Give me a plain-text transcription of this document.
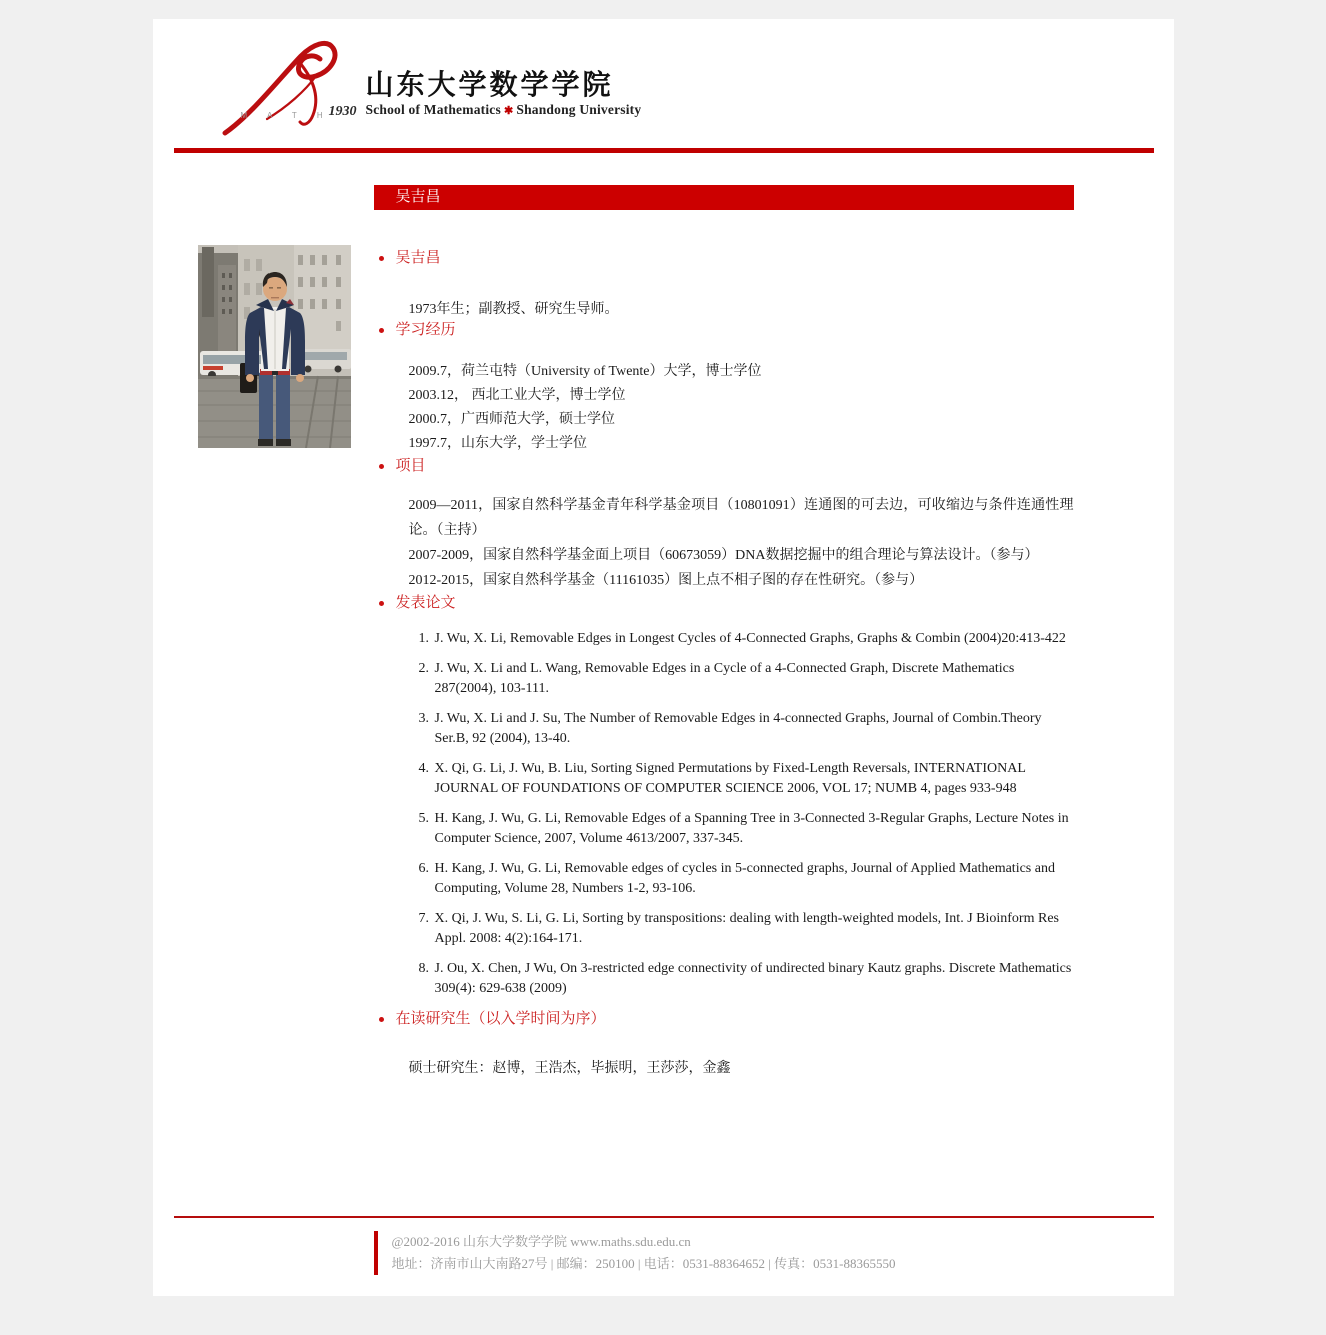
M A T H
1930
山东大学数学学院
School of Mathematics ✱ Shandong University
吴吉昌
吴吉昌

1973年生；副教授、研究生导师。

学习经历
2009.7，荷兰屯特（University of Twente）大学，博士学位
2003.12， 西北工业大学，博士学位
2000.7，广西师范大学，硕士学位
1997.7，山东大学，学士学位
项目
2009—2011，国家自然科学基金青年科学基金项目（10801091）连通图的可去边，可收缩边与条件连通性理论。（主持）
2007-2009，国家自然科学基金面上项目（60673059）DNA数据挖掘中的组合理论与算法设计。（参与）
2012-2015，国家自然科学基金（11161035）图上点不相子图的存在性研究。（参与）
发表论文
1. J. Wu, X. Li, Removable Edges in Longest Cycles of 4-Connected Graphs, Graphs & Combin (2004)20:413-422
2. J. Wu, X. Li and L. Wang, Removable Edges in a Cycle of a 4-Connected Graph, Discrete Mathematics 287(2004), 103-111.
3. J. Wu, X. Li and J. Su, The Number of Removable Edges in 4-connected Graphs, Journal of Combin.Theory Ser.B, 92 (2004), 13-40.
4. X. Qi, G. Li, J. Wu, B. Liu, Sorting Signed Permutations by Fixed-Length Reversals, INTERNATIONAL JOURNAL OF FOUNDATIONS OF COMPUTER SCIENCE 2006, VOL 17; NUMB 4, pages 933-948
5. H. Kang, J. Wu, G. Li, Removable Edges of a Spanning Tree in 3-Connected 3-Regular Graphs, Lecture Notes in Computer Science, 2007, Volume 4613/2007, 337-345.
6. H. Kang, J. Wu, G. Li, Removable edges of cycles in 5-connected graphs, Journal of Applied Mathematics and Computing, Volume 28, Numbers 1-2, 93-106.
7. X. Qi, J. Wu, S. Li, G. Li, Sorting by transpositions: dealing with length-weighted models, Int. J Bioinform Res Appl. 2008: 4(2):164-171.
8. J. Ou, X. Chen, J Wu, On 3-restricted edge connectivity of undirected binary Kautz graphs. Discrete Mathematics 309(4): 629-638 (2009)
在读研究生（以入学时间为序）

硕士研究生：赵博，王浩杰，毕振明，王莎莎，金鑫

@2002-2016 山东大学数学学院 www.maths.sdu.edu.cn
地址：济南市山大南路27号 | 邮编：250100 | 电话：0531-88364652 | 传真：0531-88365550
